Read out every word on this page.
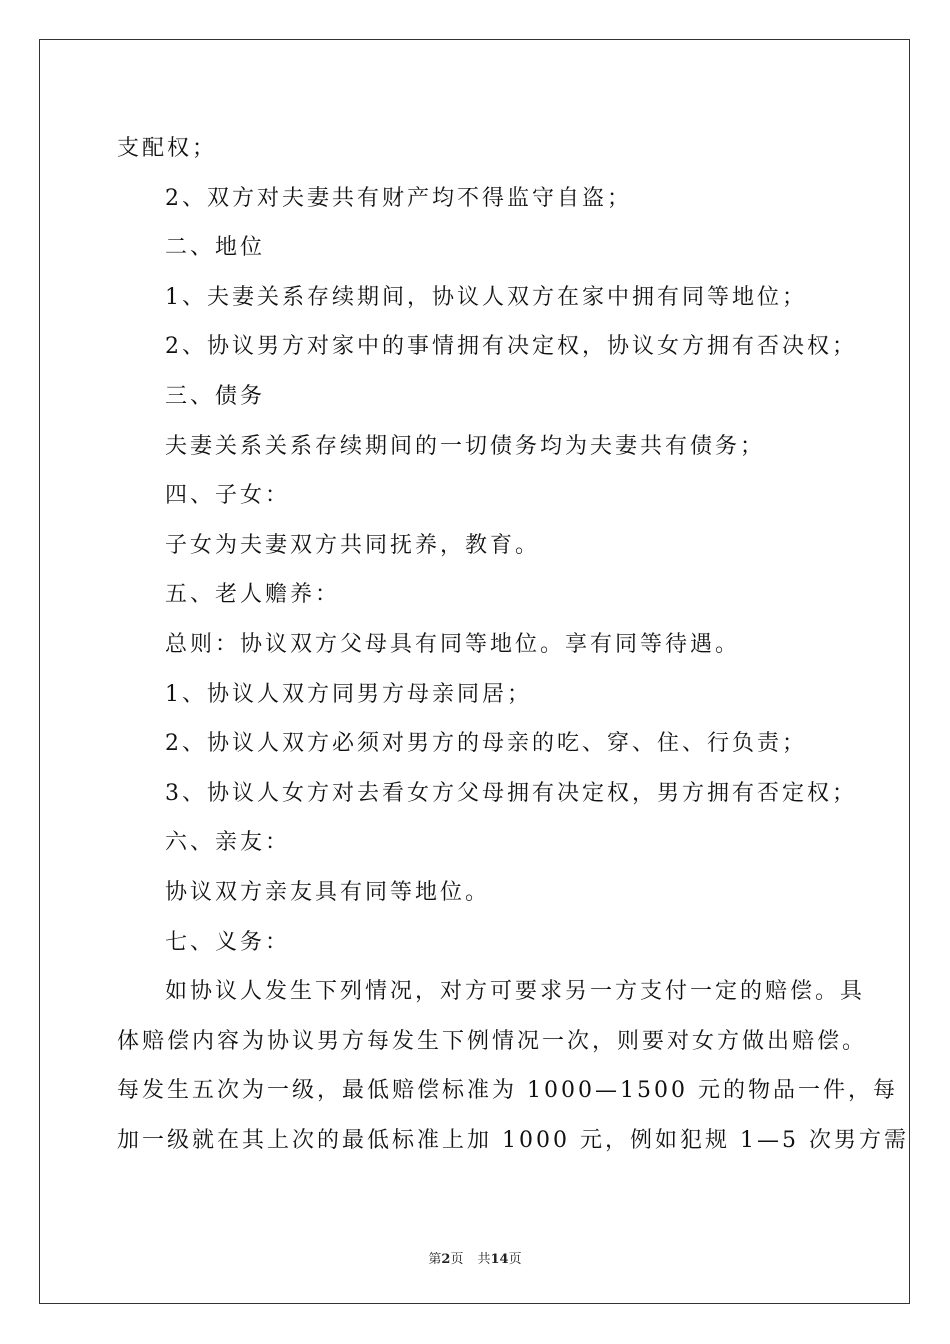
支配权；
2、双方对夫妻共有财产均不得监守自盗；
二、地位
1、夫妻关系存续期间，协议人双方在家中拥有同等地位；
2、协议男方对家中的事情拥有决定权，协议女方拥有否决权；
三、债务
夫妻关系关系存续期间的一切债务均为夫妻共有债务；
四、子女：
子女为夫妻双方共同抚养，教育。
五、老人赡养：
总则：协议双方父母具有同等地位。享有同等待遇。
1、协议人双方同男方母亲同居；
2、协议人双方必须对男方的母亲的吃、穿、住、行负责；
3、协议人女方对去看女方父母拥有决定权，男方拥有否定权；
六、亲友：
协议双方亲友具有同等地位。
七、义务：
如协议人发生下列情况，对方可要求另一方支付一定的赔偿。具
体赔偿内容为协议男方每发生下例情况一次，则要对女方做出赔偿。
每发生五次为一级，最低赔偿标准为 1000—1500 元的物品一件，每
加一级就在其上次的最低标准上加 1000 元，例如犯规 1—5 次男方需
第2页 共14页
